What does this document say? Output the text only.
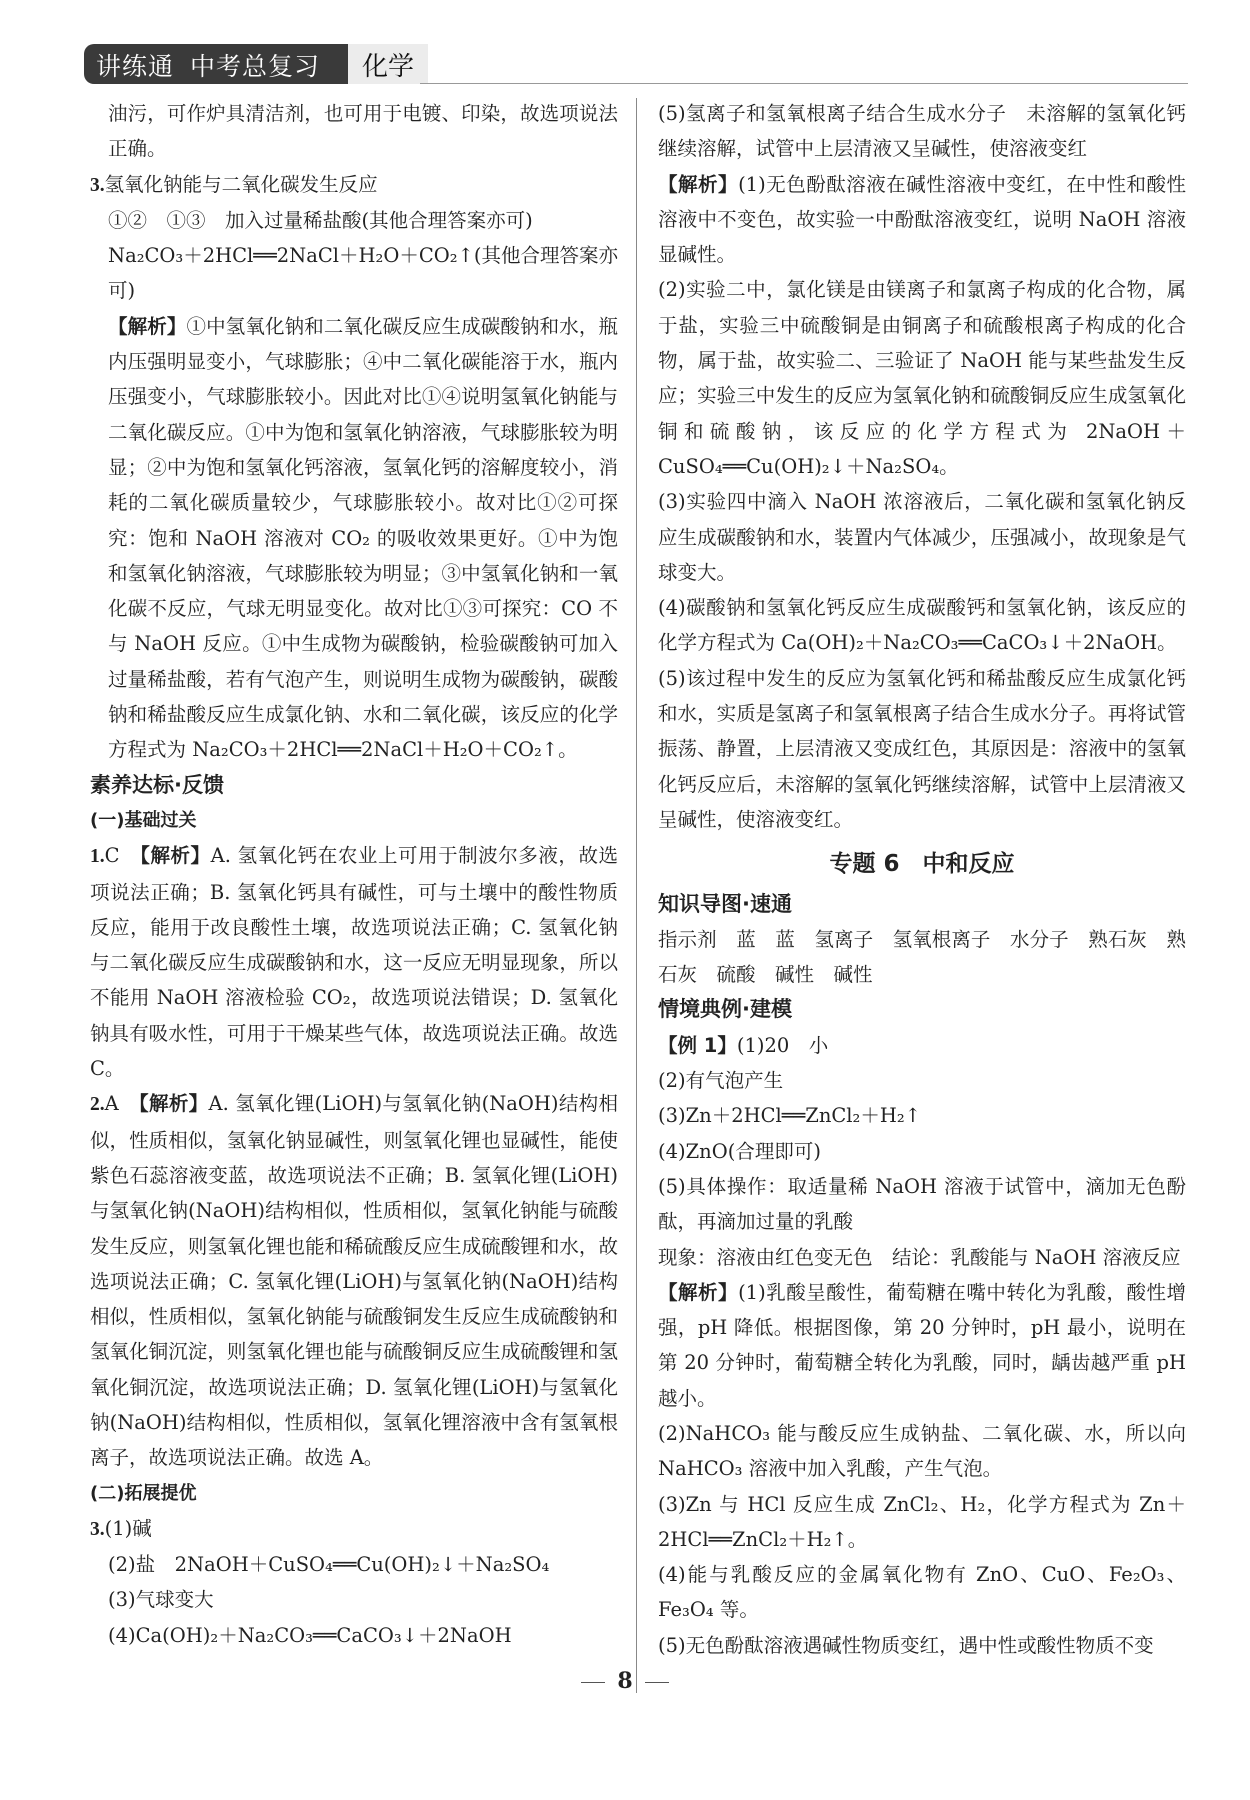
讲练通 中考总复习	化学

油污，可作炉具清洁剂，也可用于电镀、印染，故选项说法正确。

3.氢氧化钠能与二氧化碳发生反应

①②　①③　加入过量稀盐酸(其他合理答案亦可)

Na₂CO₃＋2HCl══2NaCl＋H₂O＋CO₂↑(其他合理答案亦可)

【解析】①中氢氧化钠和二氧化碳反应生成碳酸钠和水，瓶内压强明显变小，气球膨胀；④中二氧化碳能溶于水，瓶内压强变小，气球膨胀较小。因此对比①④说明氢氧化钠能与二氧化碳反应。①中为饱和氢氧化钠溶液，气球膨胀较为明显；②中为饱和氢氧化钙溶液，氢氧化钙的溶解度较小，消耗的二氧化碳质量较少，气球膨胀较小。故对比①②可探究：饱和 NaOH 溶液对 CO₂ 的吸收效果更好。①中为饱和氢氧化钠溶液，气球膨胀较为明显；③中氢氧化钠和一氧化碳不反应，气球无明显变化。故对比①③可探究：CO 不与 NaOH 反应。①中生成物为碳酸钠，检验碳酸钠可加入过量稀盐酸，若有气泡产生，则说明生成物为碳酸钠，碳酸钠和稀盐酸反应生成氯化钠、水和二氧化碳，该反应的化学方程式为 Na₂CO₃＋2HCl══2NaCl＋H₂O＋CO₂↑。

素养达标·反馈

(一)基础过关

1.C　 【解析】A. 氢氧化钙在农业上可用于制波尔多液，故选项说法正确；B. 氢氧化钙具有碱性，可与土壤中的酸性物质反应，能用于改良酸性土壤，故选项说法正确；C. 氢氧化钠与二氧化碳反应生成碳酸钠和水，这一反应无明显现象，所以不能用 NaOH 溶液检验 CO₂，故选项说法错误；D. 氢氧化钠具有吸水性，可用于干燥某些气体，故选项说法正确。故选 C。

2.A　 【解析】A. 氢氧化锂(LiOH)与氢氧化钠(NaOH)结构相似，性质相似，氢氧化钠显碱性，则氢氧化锂也显碱性，能使紫色石蕊溶液变蓝，故选项说法不正确；B. 氢氧化锂(LiOH)与氢氧化钠(NaOH)结构相似，性质相似，氢氧化钠能与硫酸发生反应，则氢氧化锂也能和稀硫酸反应生成硫酸锂和水，故选项说法正确；C. 氢氧化锂(LiOH)与氢氧化钠(NaOH)结构相似，性质相似，氢氧化钠能与硫酸铜发生反应生成硫酸钠和氢氧化铜沉淀，则氢氧化锂也能与硫酸铜反应生成硫酸锂和氢氧化铜沉淀，故选项说法正确；D. 氢氧化锂(LiOH)与氢氧化钠(NaOH)结构相似，性质相似，氢氧化锂溶液中含有氢氧根离子，故选项说法正确。故选 A。

(二)拓展提优

3.(1)碱

(2)盐　2NaOH＋CuSO₄══Cu(OH)₂↓＋Na₂SO₄

(3)气球变大

(4)Ca(OH)₂＋Na₂CO₃══CaCO₃↓＋2NaOH

(5)氢离子和氢氧根离子结合生成水分子　未溶解的氢氧化钙继续溶解，试管中上层清液又呈碱性，使溶液变红

【解析】(1)无色酚酞溶液在碱性溶液中变红，在中性和酸性溶液中不变色，故实验一中酚酞溶液变红，说明 NaOH 溶液显碱性。

(2)实验二中，氯化镁是由镁离子和氯离子构成的化合物，属于盐，实验三中硫酸铜是由铜离子和硫酸根离子构成的化合物，属于盐，故实验二、三验证了 NaOH 能与某些盐发生反应；实验三中发生的反应为氢氧化钠和硫酸铜反应生成氢氧化铜和硫酸钠，该反应的化学方程式为 2NaOH＋CuSO₄══Cu(OH)₂↓＋Na₂SO₄。

(3)实验四中滴入 NaOH 浓溶液后，二氧化碳和氢氧化钠反应生成碳酸钠和水，装置内气体减少，压强减小，故现象是气球变大。

(4)碳酸钠和氢氧化钙反应生成碳酸钙和氢氧化钠，该反应的化学方程式为 Ca(OH)₂＋Na₂CO₃══CaCO₃↓＋2NaOH。

(5)该过程中发生的反应为氢氧化钙和稀盐酸反应生成氯化钙和水，实质是氢离子和氢氧根离子结合生成水分子。再将试管振荡、静置，上层清液又变成红色，其原因是：溶液中的氢氧化钙反应后，未溶解的氢氧化钙继续溶解，试管中上层清液又呈碱性，使溶液变红。

专题 6　中和反应

知识导图·速通

指示剂　蓝　蓝　氢离子　氢氧根离子　水分子　熟石灰　熟石灰　硫酸　碱性　碱性

情境典例·建模

【例 1】(1)20　小

(2)有气泡产生

(3)Zn＋2HCl══ZnCl₂＋H₂↑

(4)ZnO(合理即可)

(5)具体操作：取适量稀 NaOH 溶液于试管中，滴加无色酚酞，再滴加过量的乳酸

现象：溶液由红色变无色　结论：乳酸能与 NaOH 溶液反应

【解析】(1)乳酸呈酸性，葡萄糖在嘴中转化为乳酸，酸性增强，pH 降低。根据图像，第 20 分钟时，pH 最小，说明在第 20 分钟时，葡萄糖全转化为乳酸，同时，龋齿越严重 pH 越小。

(2)NaHCO₃ 能与酸反应生成钠盐、二氧化碳、水，所以向 NaHCO₃ 溶液中加入乳酸，产生气泡。

(3)Zn 与 HCl 反应生成 ZnCl₂、H₂，化学方程式为 Zn＋2HCl══ZnCl₂＋H₂↑。

(4)能与乳酸反应的金属氧化物有 ZnO、CuO、Fe₂O₃、Fe₃O₄ 等。

(5)无色酚酞溶液遇碱性物质变红，遇中性或酸性物质不变

8
